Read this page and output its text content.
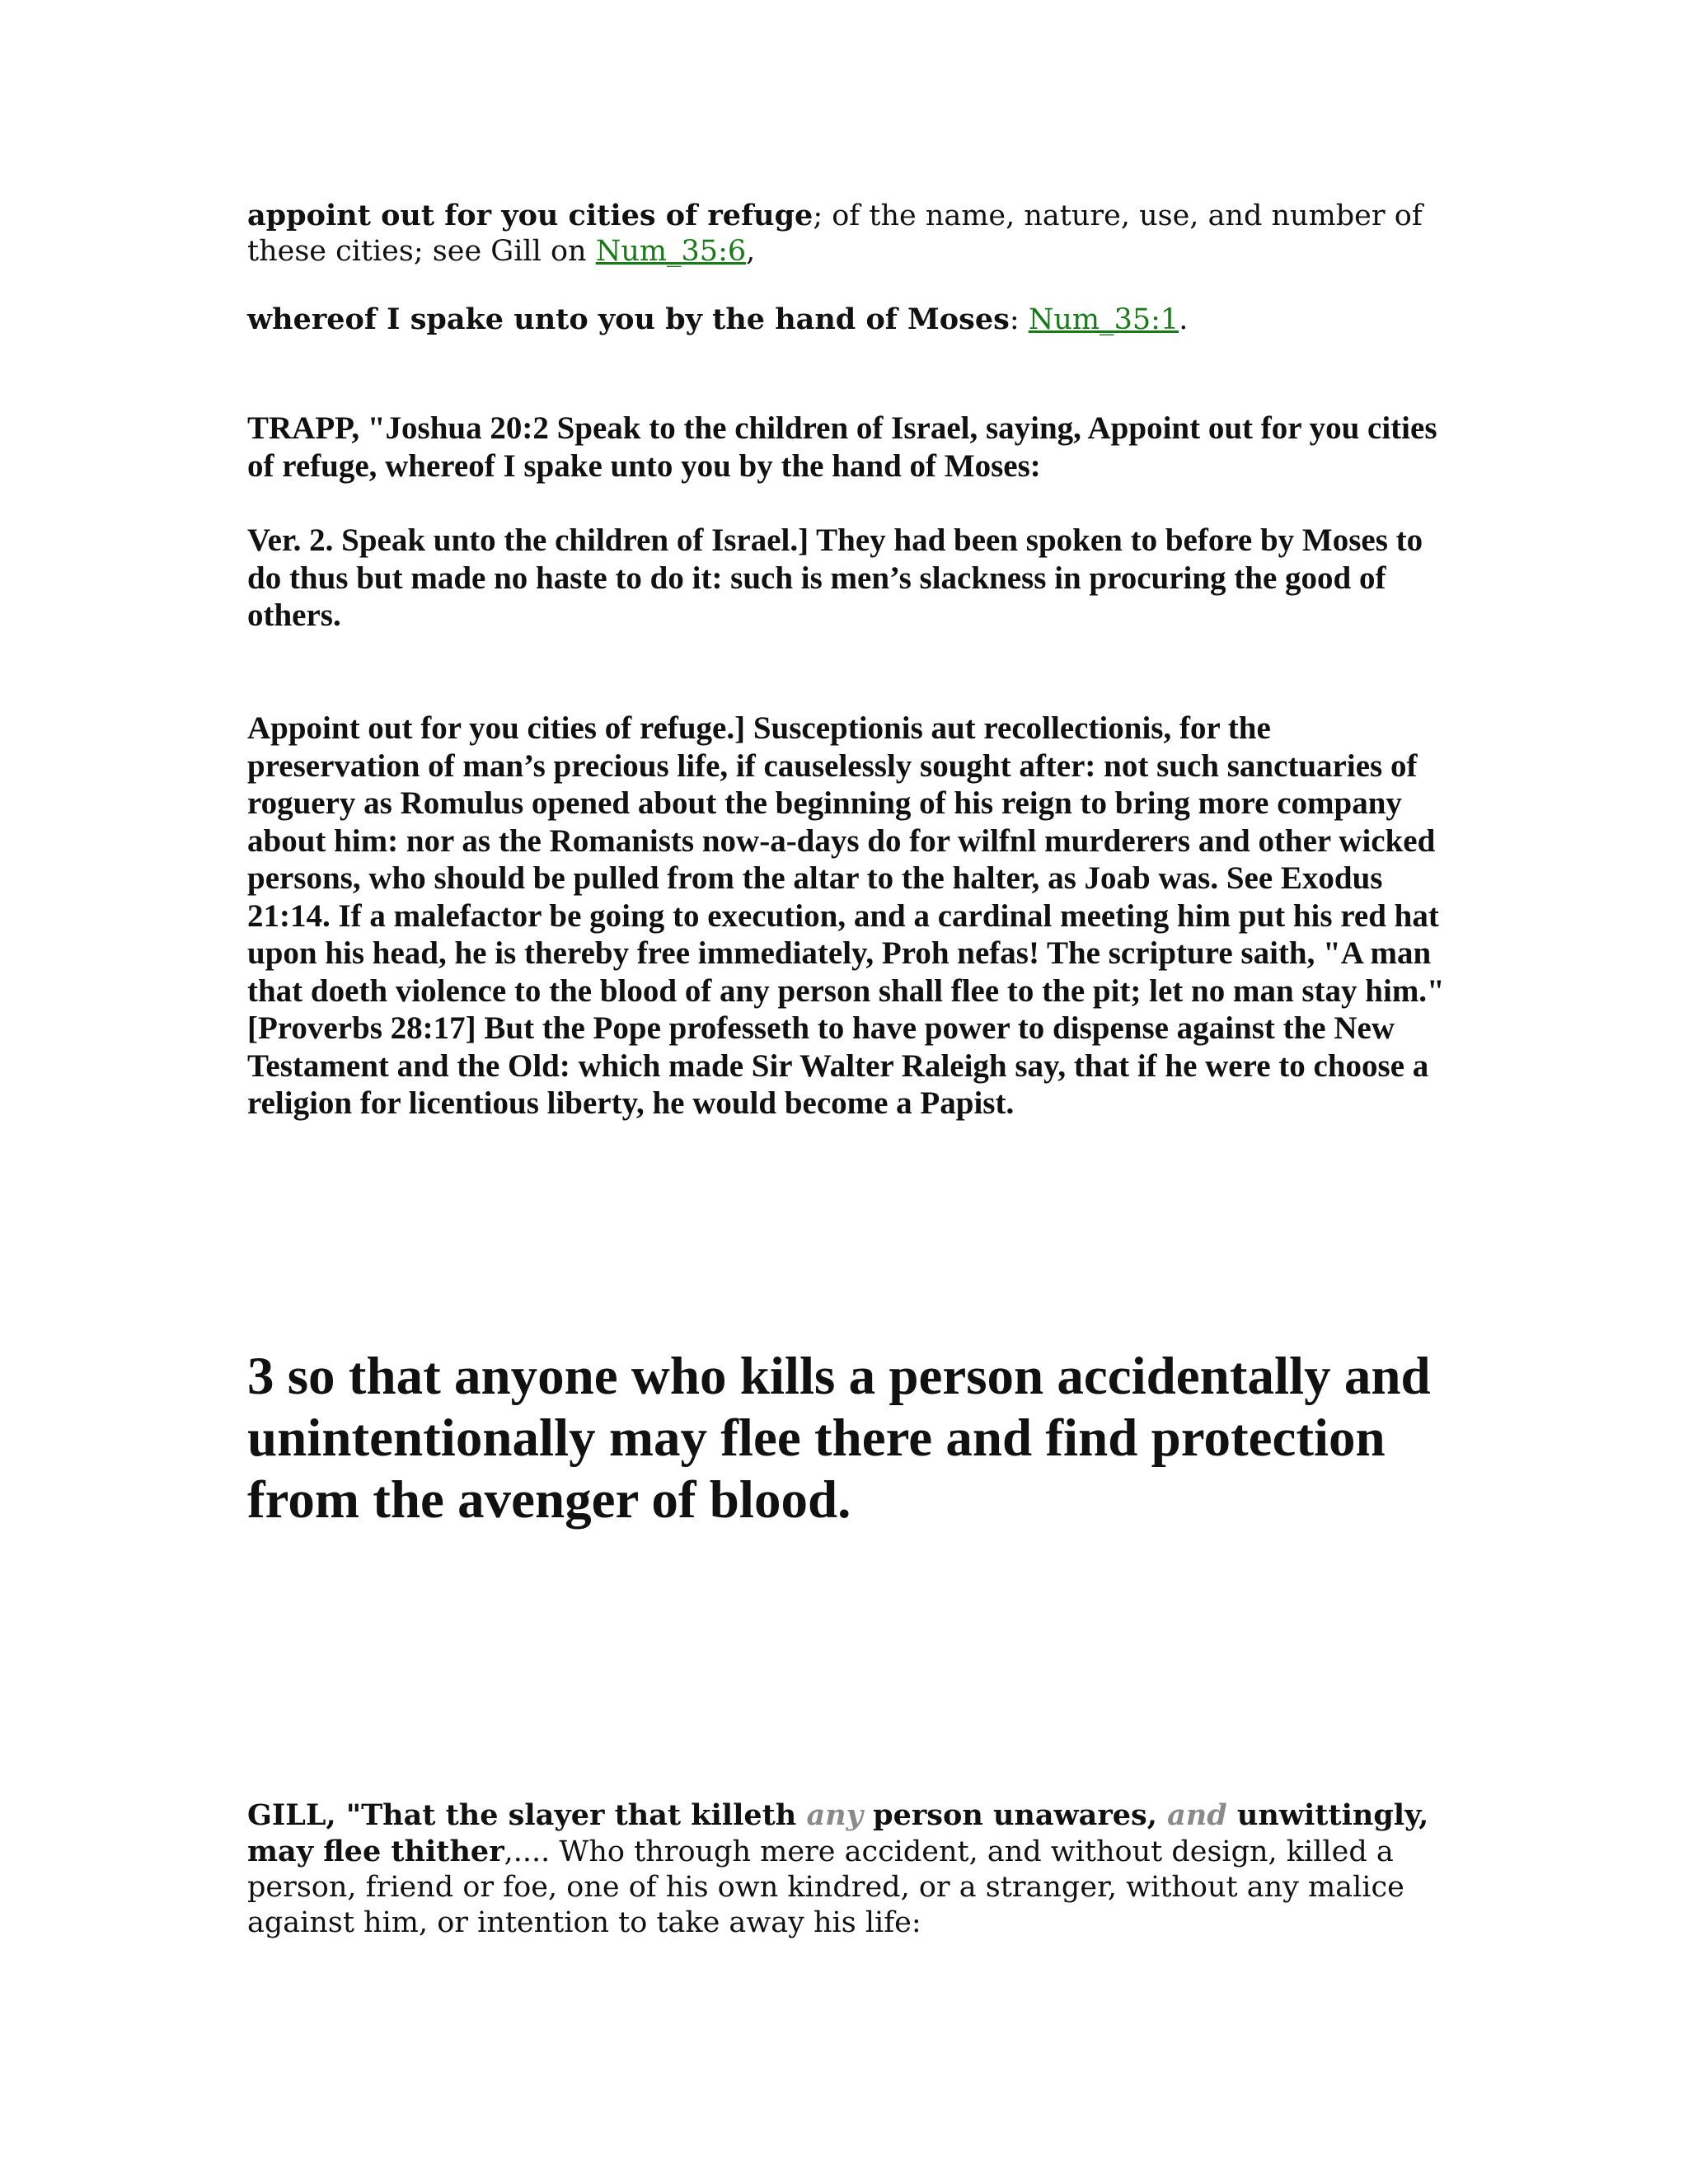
appoint out for you cities of refuge; of the name, nature, use, and number of these cities; see Gill on Num_35:6,

whereof I spake unto you by the hand of Moses: Num_35:1.

TRAPP, "Joshua 20:2 Speak to the children of Israel, saying, Appoint out for you cities of refuge, whereof I spake unto you by the hand of Moses:

Ver. 2. Speak unto the children of Israel.] They had been spoken to before by Moses to do thus but made no haste to do it: such is men’s slackness in procuring the good of others.

Appoint out for you cities of refuge.] Susceptionis aut recollectionis, for the preservation of man’s precious life, if causelessly sought after: not such sanctuaries of roguery as Romulus opened about the beginning of his reign to bring more company about him: nor as the Romanists now-a-days do for wilfnl murderers and other wicked persons, who should be pulled from the altar to the halter, as Joab was. See Exodus 21:14. If a malefactor be going to execution, and a cardinal meeting him put his red hat upon his head, he is thereby free immediately, Proh nefas! The scripture saith, "A man that doeth violence to the blood of any person shall flee to the pit; let no man stay him." [Proverbs 28:17] But the Pope professeth to have power to dispense against the New Testament and the Old: which made Sir Walter Raleigh say, that if he were to choose a religion for licentious liberty, he would become a Papist.

3 so that anyone who kills a person accidentally and unintentionally may flee there and find protection from the avenger of blood.

GILL, "That the slayer that killeth any person unawares, and unwittingly, may flee thither,.... Who through mere accident, and without design, killed a person, friend or foe, one of his own kindred, or a stranger, without any malice against him, or intention to take away his life:
